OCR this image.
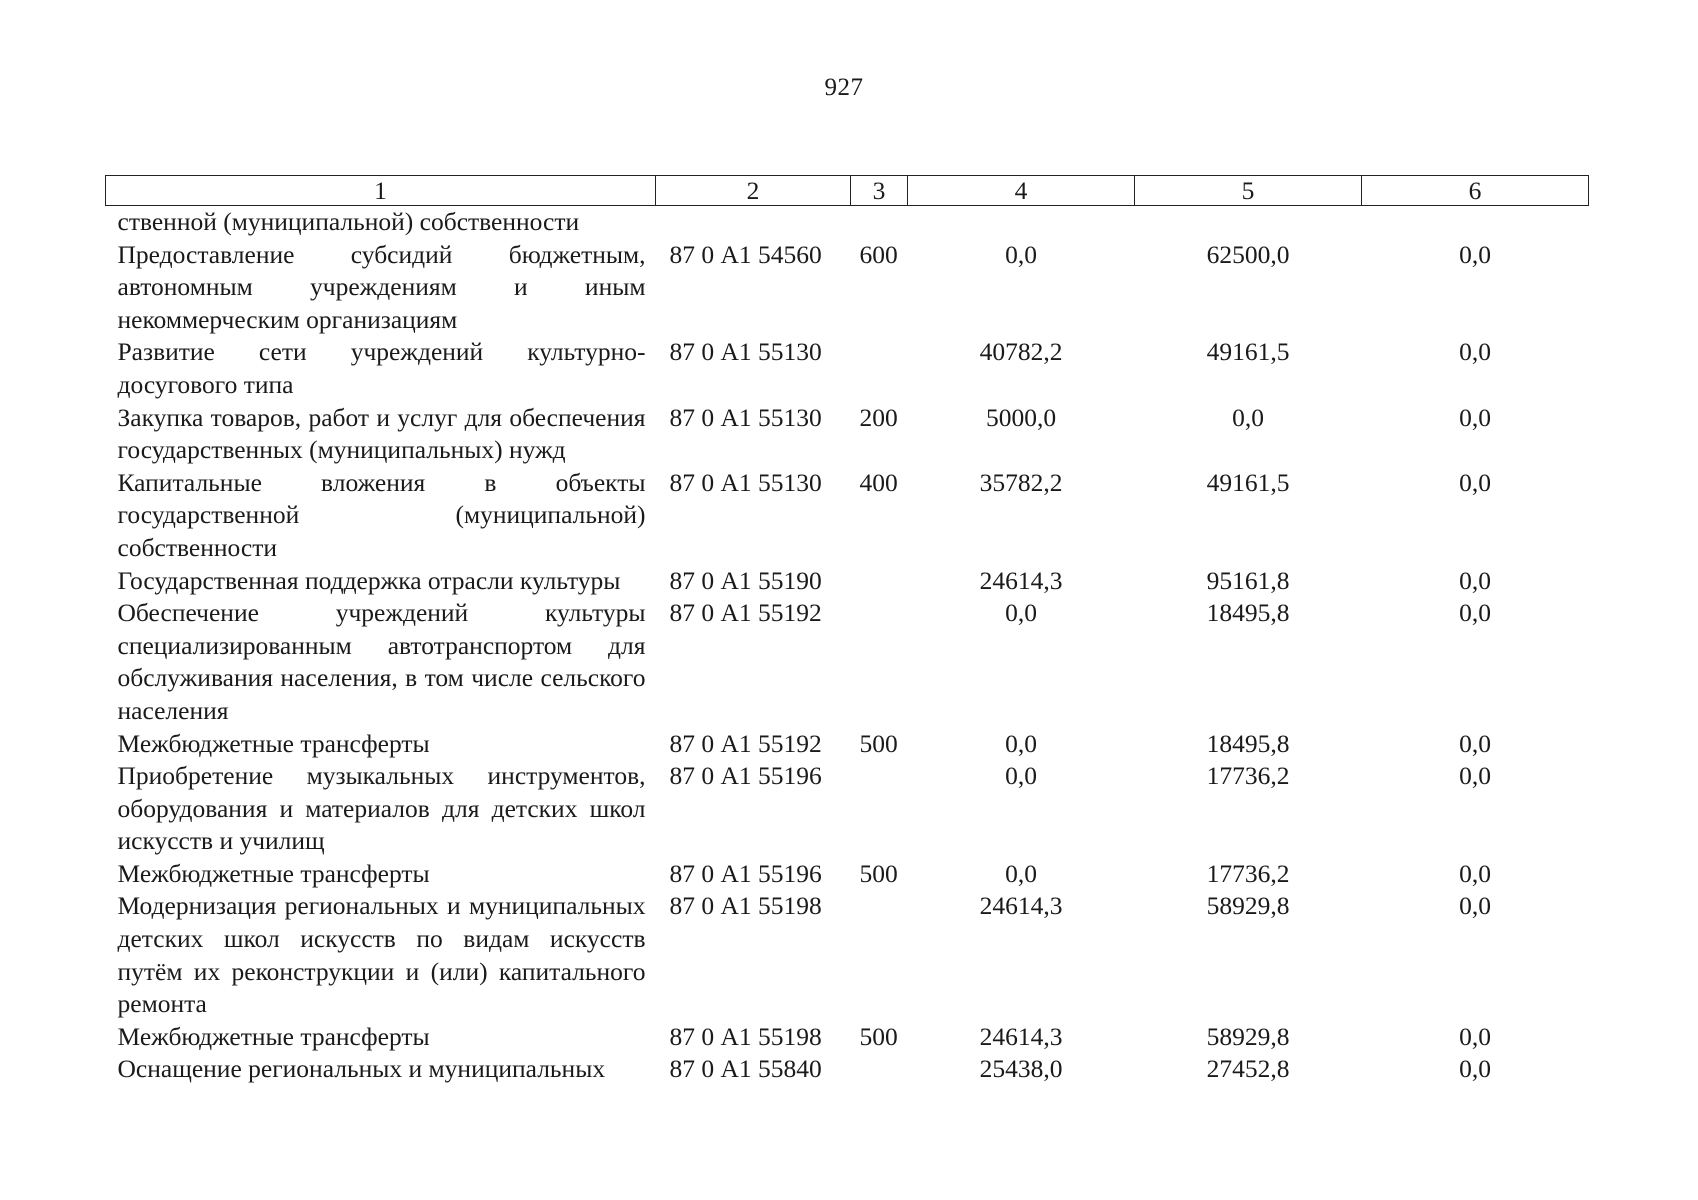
927
1	2	3	4	5	6
ственной (муниципальной) собственности					
Предоставление субсидий бюджетным, автономным учреждениям и иным некоммерческим организациям	87 0 А1 54560	600	0,0	62500,0	0,0
Развитие сети учреждений культурно-досугового типа	87 0 А1 55130		40782,2	49161,5	0,0
Закупка товаров, работ и услуг для обеспечения государственных (муниципальных) нужд	87 0 А1 55130	200	5000,0	0,0	0,0
Капитальные вложения в объекты государственной (муниципальной) собственности	87 0 А1 55130	400	35782,2	49161,5	0,0
Государственная поддержка отрасли культуры	87 0 А1 55190		24614,3	95161,8	0,0
Обеспечение учреждений культуры специализированным автотранспортом для обслуживания населения, в том числе сельского населения	87 0 А1 55192		0,0	18495,8	0,0
Межбюджетные трансферты	87 0 А1 55192	500	0,0	18495,8	0,0
Приобретение музыкальных инструментов, оборудования и материалов для детских школ искусств и училищ	87 0 А1 55196		0,0	17736,2	0,0
Межбюджетные трансферты	87 0 А1 55196	500	0,0	17736,2	0,0
Модернизация региональных и муниципальных детских школ искусств по видам искусств путём их реконструкции и (или) капитального ремонта	87 0 А1 55198		24614,3	58929,8	0,0
Межбюджетные трансферты	87 0 А1 55198	500	24614,3	58929,8	0,0
Оснащение региональных и муниципальных	87 0 А1 55840		25438,0	27452,8	0,0
